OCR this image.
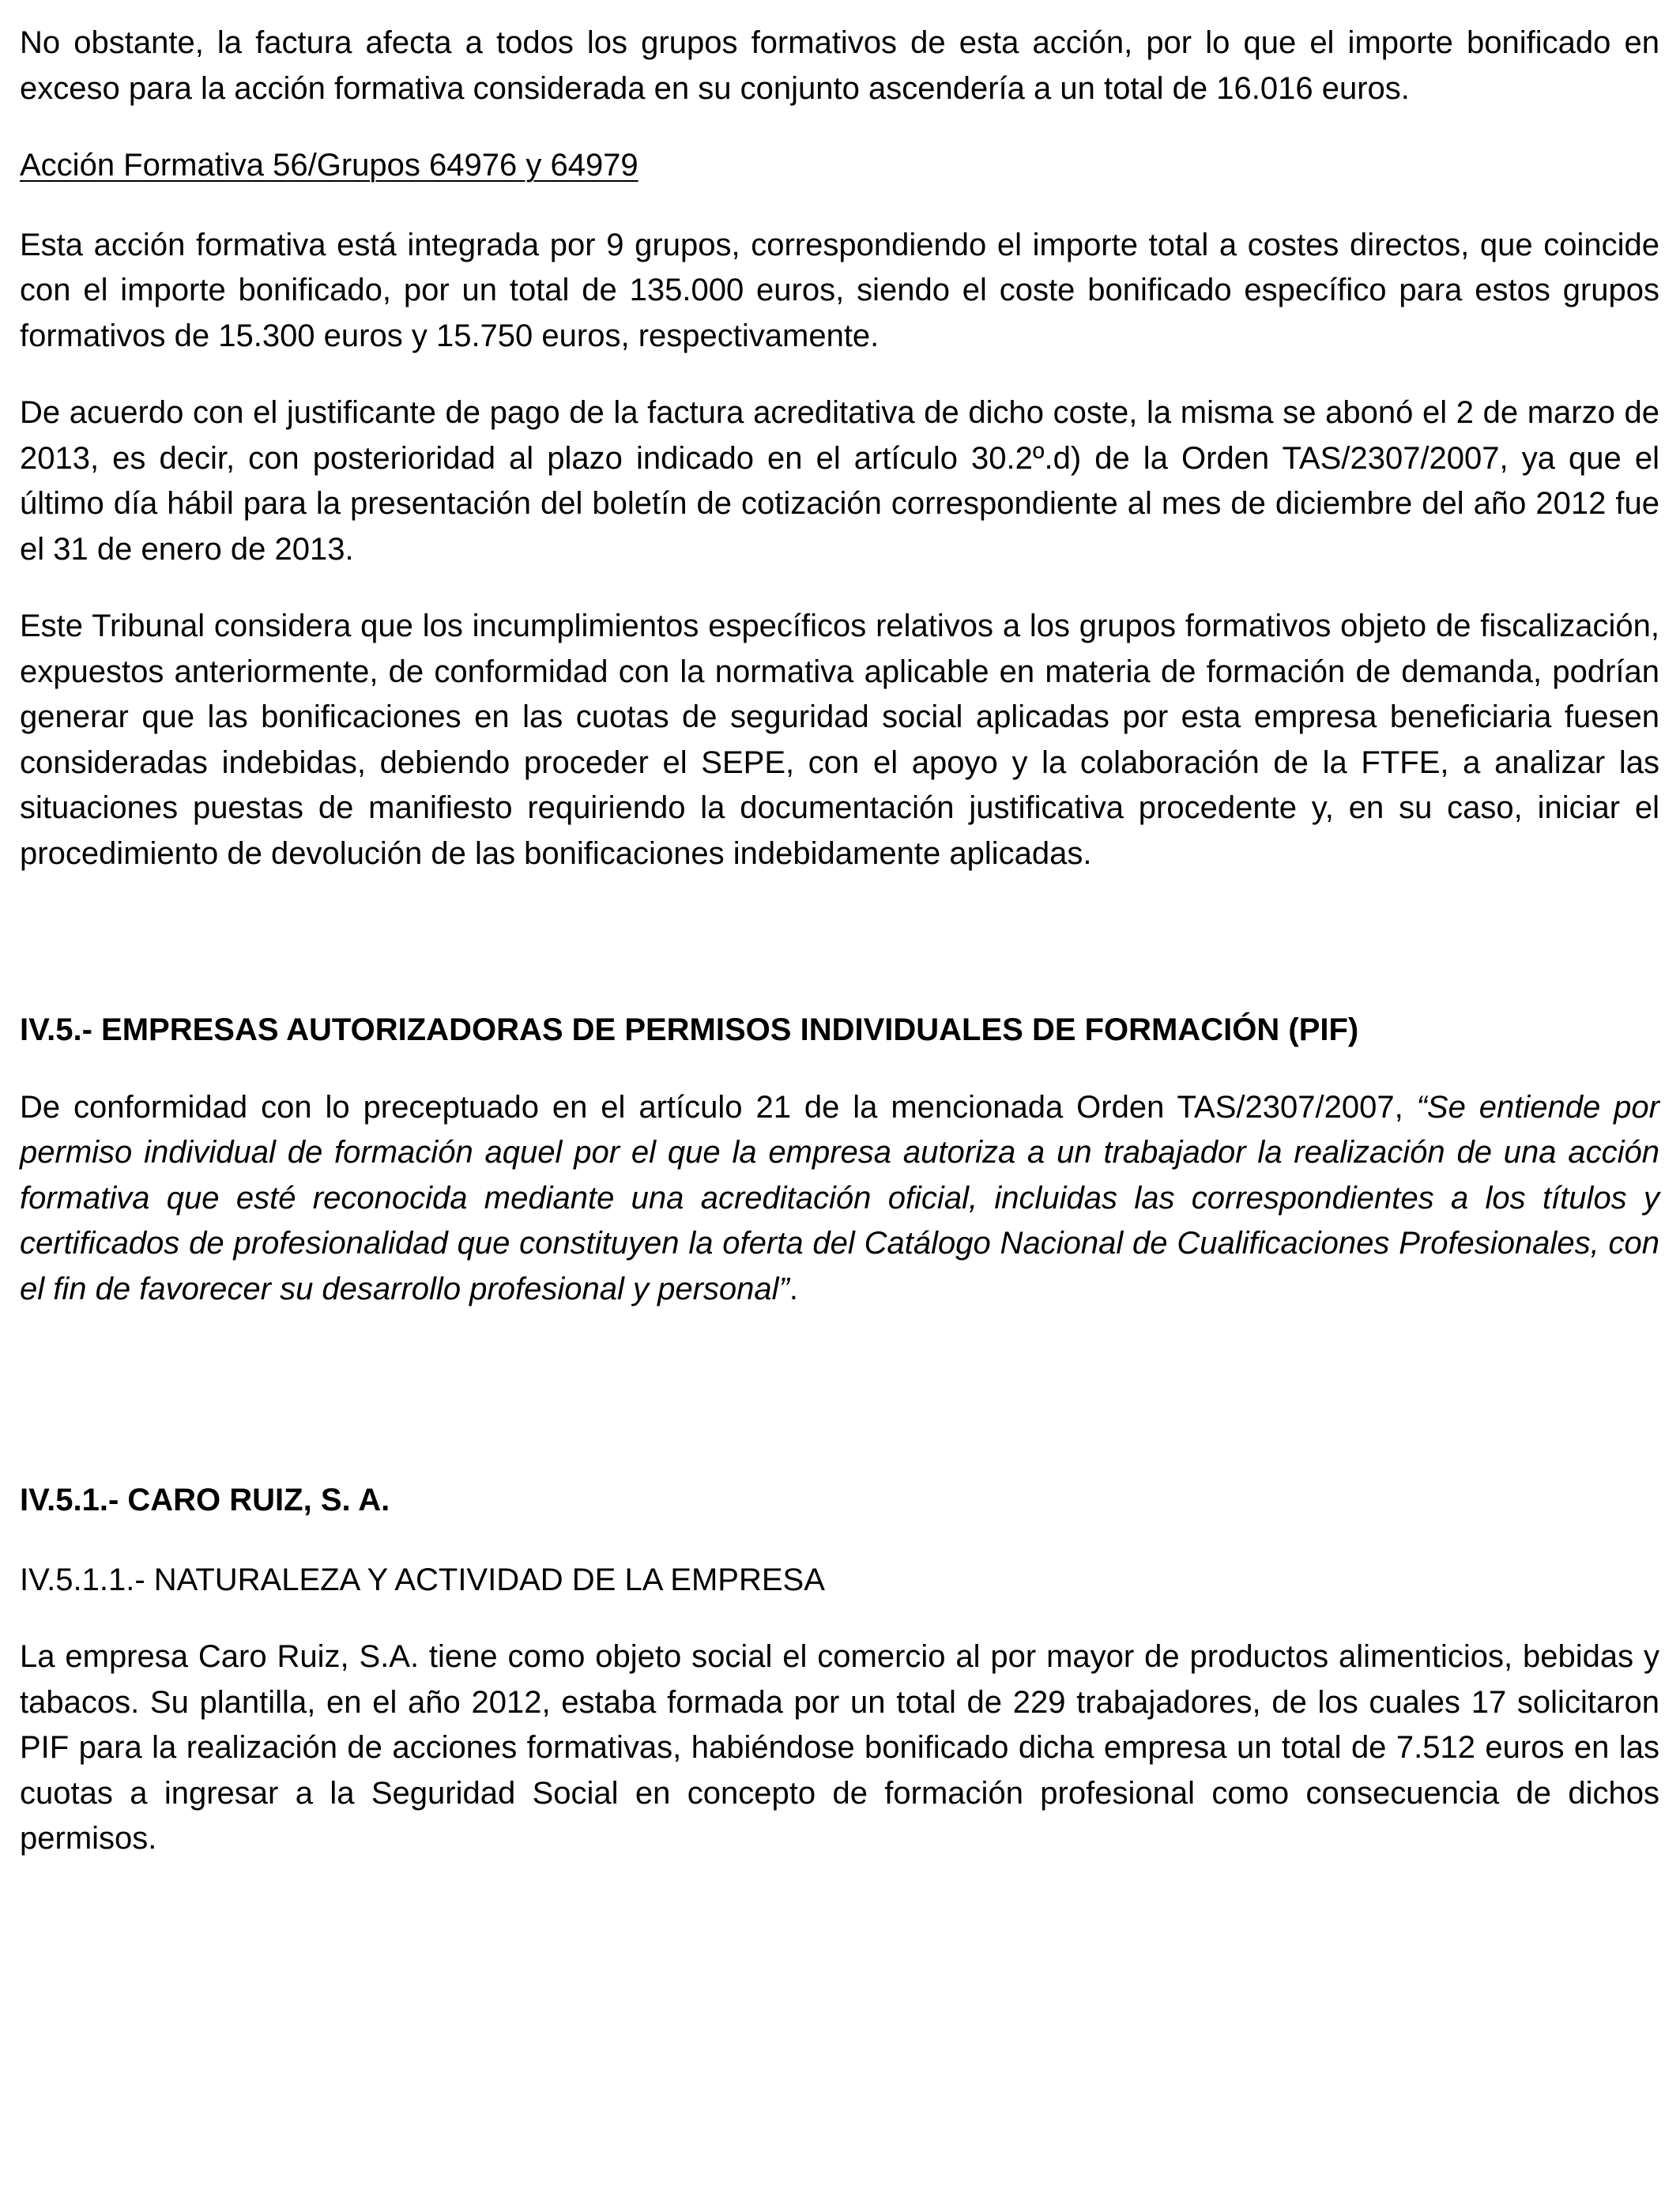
No obstante, la factura afecta a todos los grupos formativos de esta acción, por lo que el importe bonificado en exceso para la acción formativa considerada en su conjunto ascendería a un total de 16.016 euros.

Acción Formativa 56/Grupos 64976 y 64979

Esta acción formativa está integrada por 9 grupos, correspondiendo el importe total a costes directos, que coincide con el importe bonificado, por un total de 135.000 euros, siendo el coste bonificado específico para estos grupos formativos de 15.300 euros y 15.750 euros, respectivamente.

De acuerdo con el justificante de pago de la factura acreditativa de dicho coste, la misma se abonó el 2 de marzo de 2013, es decir, con posterioridad al plazo indicado en el artículo 30.2º.d) de la Orden TAS/2307/2007, ya que el último día hábil para la presentación del boletín de cotización correspondiente al mes de diciembre del año 2012 fue el 31 de enero de 2013.

Este Tribunal considera que los incumplimientos específicos relativos a los grupos formativos objeto de fiscalización, expuestos anteriormente, de conformidad con la normativa aplicable en materia de formación de demanda, podrían generar que las bonificaciones en las cuotas de seguridad social aplicadas por esta empresa beneficiaria fuesen consideradas indebidas, debiendo proceder el SEPE, con el apoyo y la colaboración de la FTFE, a analizar las situaciones puestas de manifiesto requiriendo la documentación justificativa procedente y, en su caso, iniciar el procedimiento de devolución de las bonificaciones indebidamente aplicadas.

IV.5.- EMPRESAS AUTORIZADORAS DE PERMISOS INDIVIDUALES DE FORMACIÓN (PIF)

De conformidad con lo preceptuado en el artículo 21 de la mencionada Orden TAS/2307/2007, “Se entiende por permiso individual de formación aquel por el que la empresa autoriza a un trabajador la realización de una acción formativa que esté reconocida mediante una acreditación oficial, incluidas las correspondientes a los títulos y certificados de profesionalidad que constituyen la oferta del Catálogo Nacional de Cualificaciones Profesionales, con el fin de favorecer su desarrollo profesional y personal”.

IV.5.1.- CARO RUIZ, S. A.

IV.5.1.1.- NATURALEZA Y ACTIVIDAD DE LA EMPRESA

La empresa Caro Ruiz, S.A. tiene como objeto social el comercio al por mayor de productos alimenticios, bebidas y tabacos. Su plantilla, en el año 2012, estaba formada por un total de 229 trabajadores, de los cuales 17 solicitaron PIF para la realización de acciones formativas, habiéndose bonificado dicha empresa un total de 7.512 euros en las cuotas a ingresar a la Seguridad Social en concepto de formación profesional como consecuencia de dichos permisos.
